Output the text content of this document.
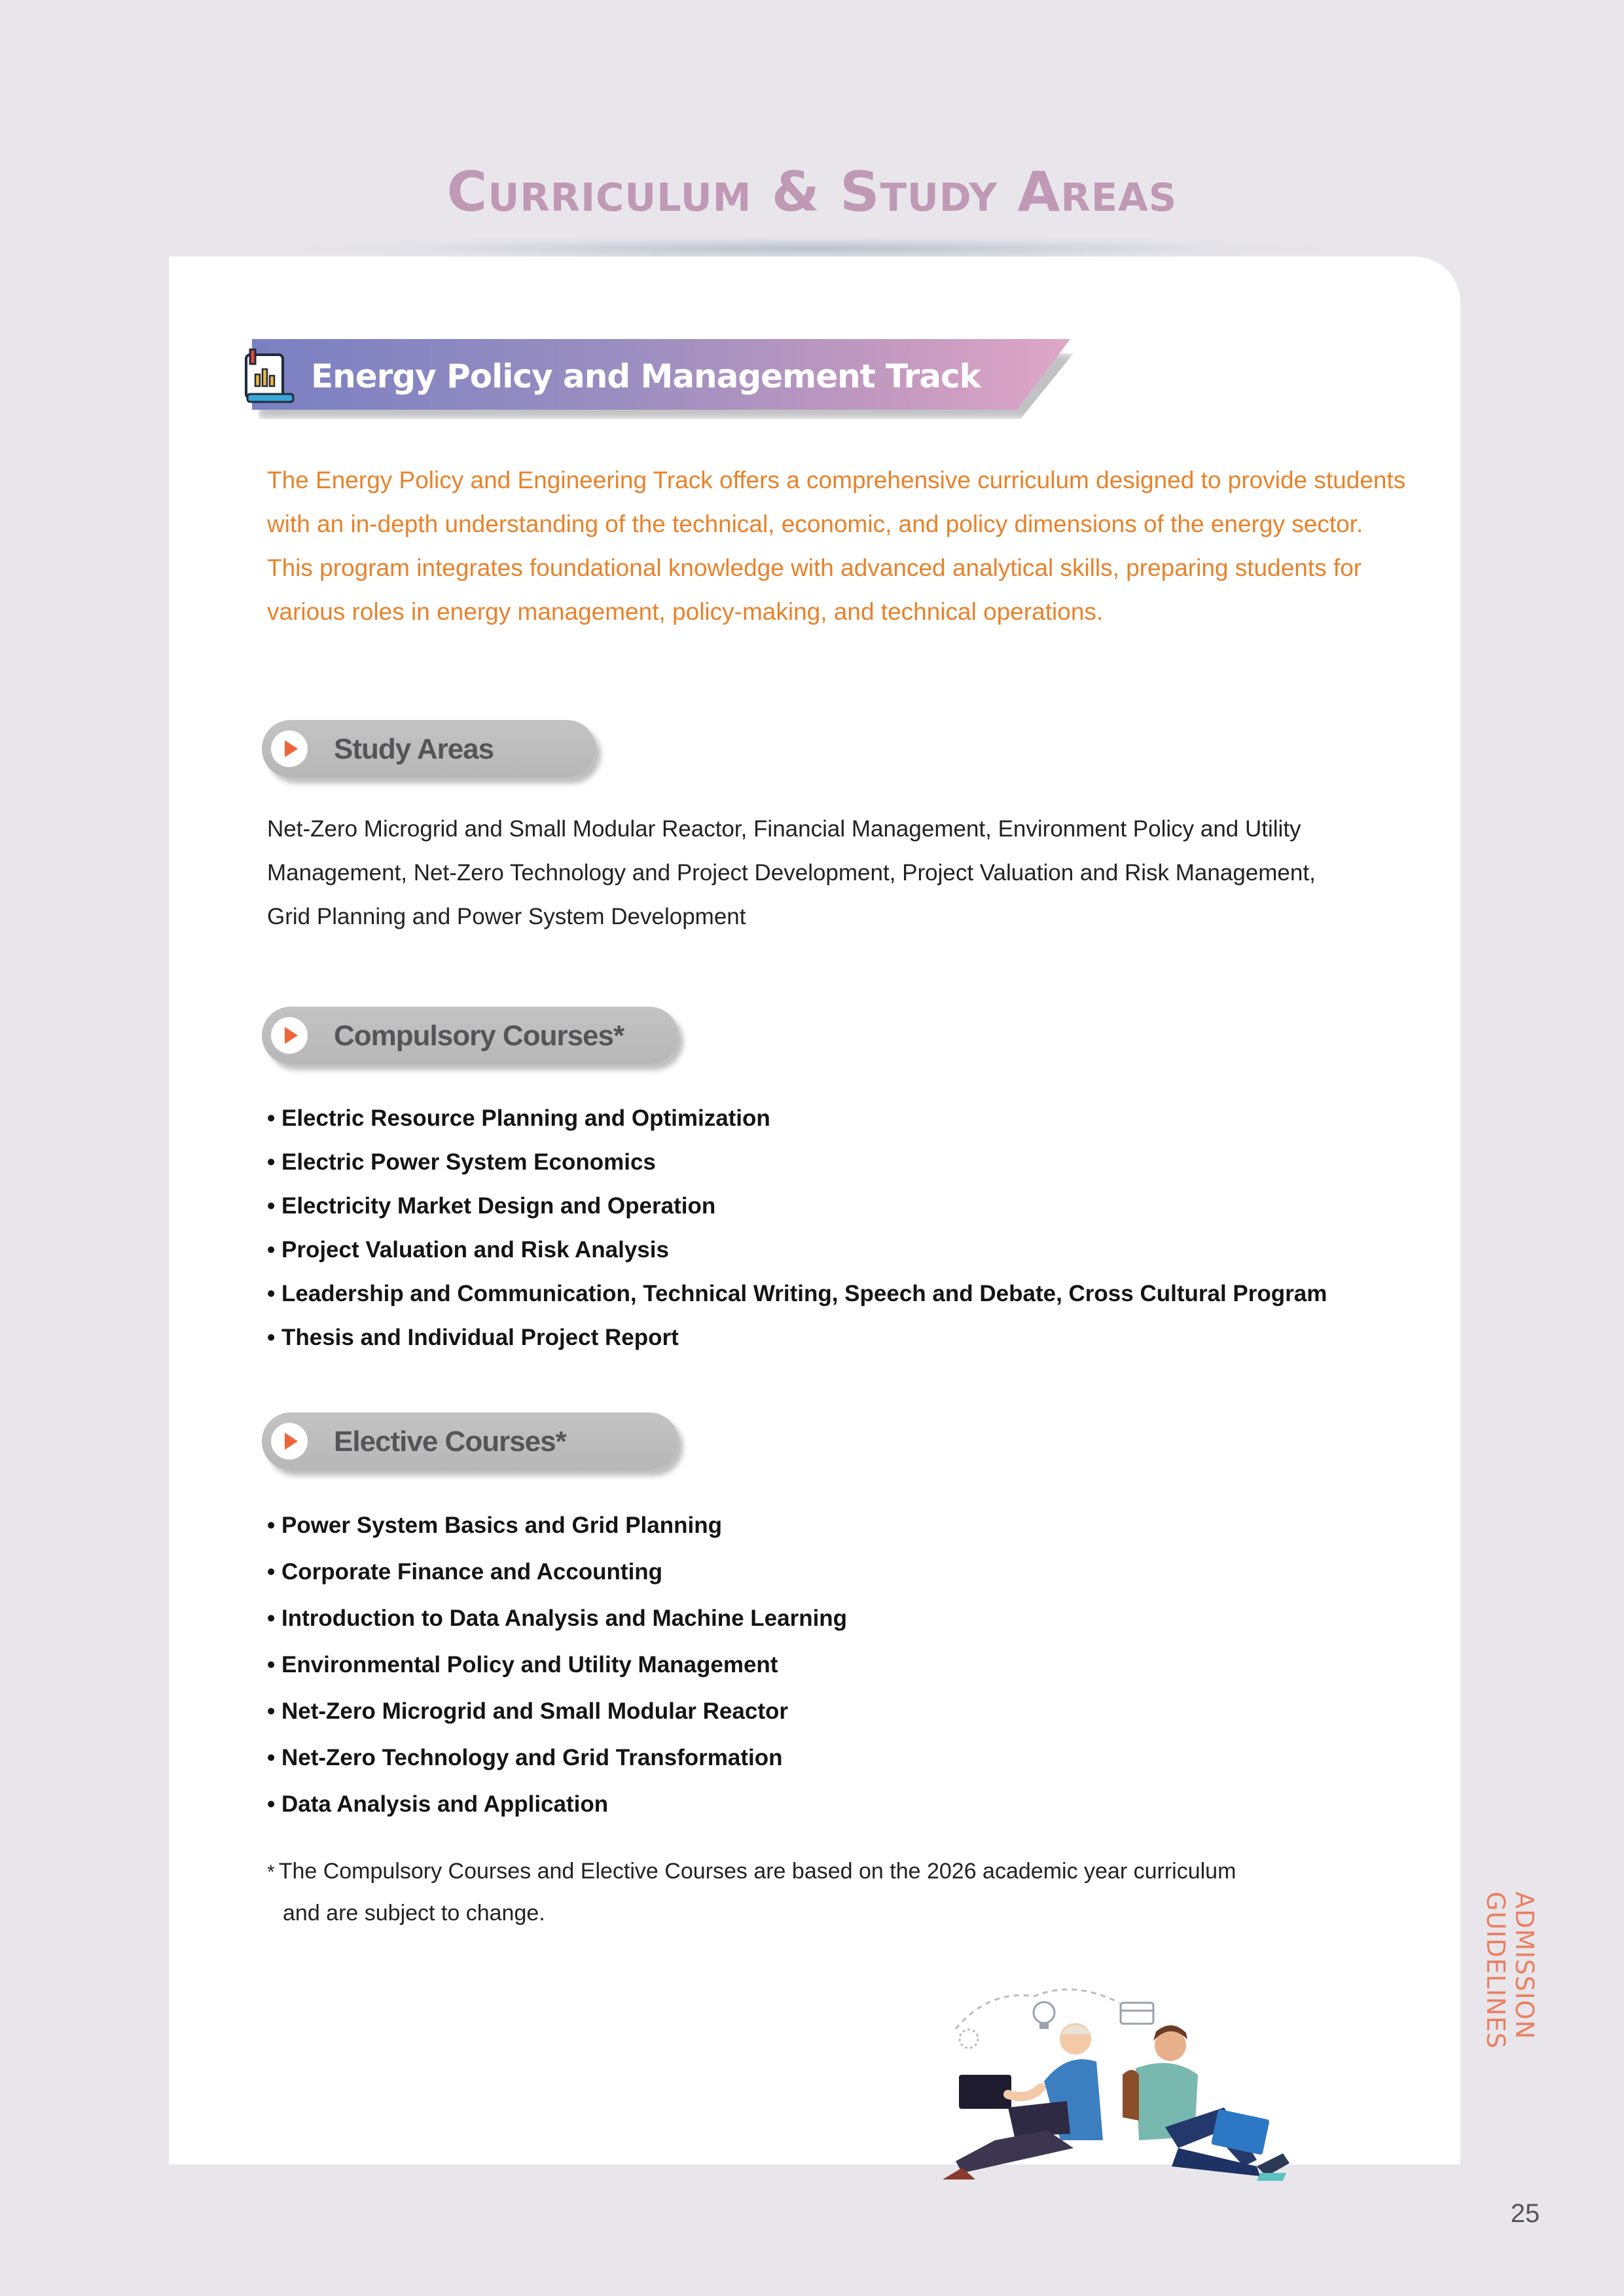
Curriculum & Study Areas
Energy Policy and Management Track
The Energy Policy and Engineering Track offers a comprehensive curriculum designed to provide students with an in-depth understanding of the technical, economic, and policy dimensions of the energy sector. This program integrates foundational knowledge with advanced analytical skills, preparing students for various roles in energy management, policy-making, and technical operations.
Study Areas
Net-Zero Microgrid and Small Modular Reactor, Financial Management, Environment Policy and Utility
Management, Net-Zero Technology and Project Development, Project Valuation and Risk Management,
Grid Planning and Power System Development
Compulsory Courses*
• Electric Resource Planning and Optimization
• Electric Power System Economics
• Electricity Market Design and Operation
• Project Valuation and Risk Analysis
• Leadership and Communication, Technical Writing, Speech and Debate, Cross Cultural Program
• Thesis and Individual Project Report
Elective Courses*
• Power System Basics and Grid Planning
• Corporate Finance and Accounting
• Introduction to Data Analysis and Machine Learning
• Environmental Policy and Utility Management
• Net-Zero Microgrid and Small Modular Reactor
• Net-Zero Technology and Grid Transformation
• Data Analysis and Application
* The Compulsory Courses and Elective Courses are based on the 2026 academic year curriculum
and are subject to change.	ADMISSION GUIDELINES
25
